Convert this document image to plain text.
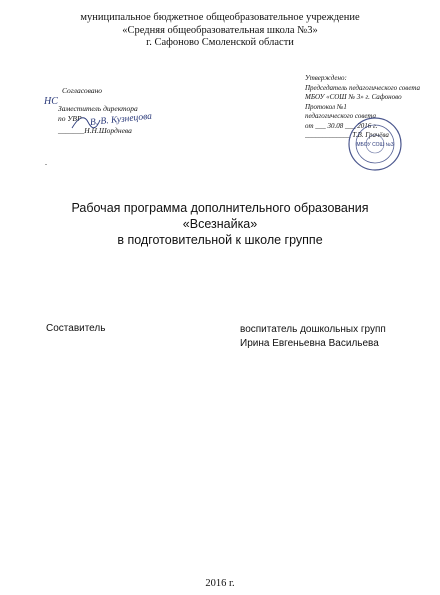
муниципальное бюджетное общеобразовательное учреждение
«Средняя общеобразовательная школа №3»
г. Сафоново Смоленской области
НС
Согласовано
Заместитель директора
по УВР
_______Н.Н.Шорднева
В. В. Кузнецова
Утверждено:
Председатель педагогического совета
МБОУ «СОШ № 3» г. Сафоново
Протокол №1
педагогического совета
от ___ 30.08 ___ 2016 г.
_____________ Т.В. Грачёва
МБОУ СОШ №3
.
Рабочая программа дополнительного образования
«Всезнайка»
в подготовительной к школе группе
Составитель	воспитатель дошкольных групп
Ирина Евгеньевна Васильева
2016 г.
